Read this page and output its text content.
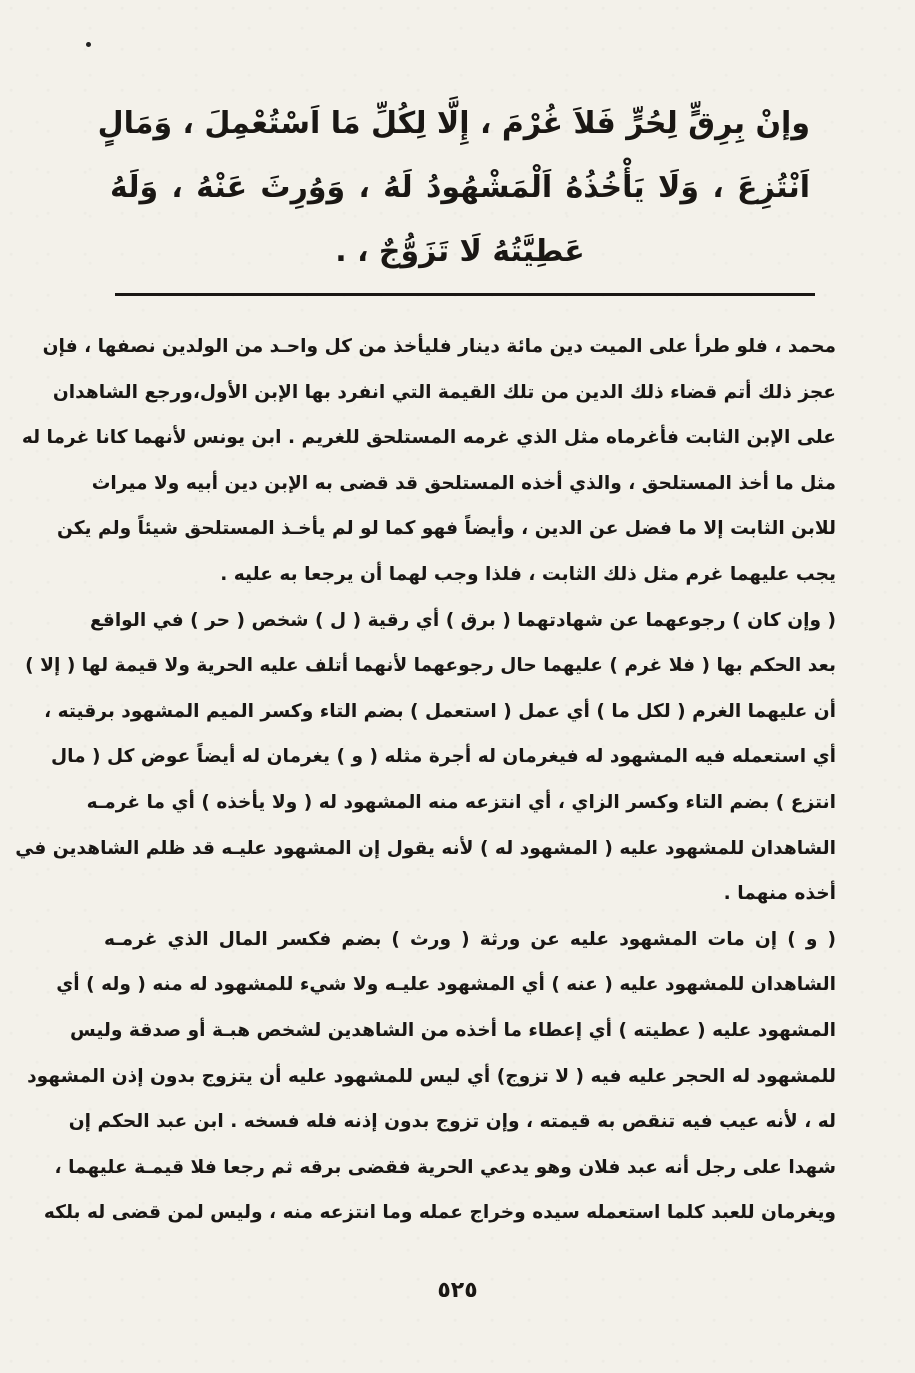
وإنْ بِرِقٍّ لِحُرٍّ فَلاَ غُرْمَ ، إِلَّا لِكُلِّ مَا اَسْتُعْمِلَ ، وَمَالٍ
اَنْتُزِعَ ، وَلَا يَأْخُذُهُ اَلْمَشْهُودُ لَهُ ، وَوُرِثَ عَنْهُ ، وَلَهُ
عَطِيَّتُهُ لَا تَزَوُّجٌ ، .

محمد ، فلو طرأ على الميت دين مائة دينار فليأخذ من كل واحـد من الولدين نصفها ، فإن
عجز ذلك أتم قضاء ذلك الدين من تلك القيمة التي انفرد بها الإبن الأول،ورجع الشاهدان
على الإبن الثابت فأغرماه مثل الذي غرمه المستلحق للغريم . ابن يونس لأنهما كانا غرما له
مثل ما أخذ المستلحق ، والذي أخذه المستلحق قد قضى به الإبن دين أبيه ولا ميراث
للابن الثابت إلا ما فضل عن الدين ، وأيضاً فهو كما لو لم يأخـذ المستلحق شيئاً ولم يكن
يجب عليهما غرم مثل ذلك الثابت ، فلذا وجب لهما أن يرجعا به عليه .

( وإن كان ) رجوعهما عن شهادتهما ( برق ) أي رقية ( ل ) شخص ( حر ) في الواقع
بعد الحكم بها ( فلا غرم ) عليهما حال رجوعهما لأنهما أتلف عليه الحرية ولا قيمة لها ( إلا )
أن عليهما الغرم ( لكل ما ) أي عمل ( استعمل ) بضم التاء وكسر الميم المشهود برقيته ،
أي استعمله فيه المشهود له فيغرمان له أجرة مثله ( و ) يغرمان له أيضاً عوض كل ( مال
انتزع ) بضم التاء وكسر الزاي ، أي انتزعه منه المشهود له ( ولا يأخذه ) أي ما غرمـه
الشاهدان للمشهود عليه ( المشهود له ) لأنه يقول إن المشهود عليـه قد ظلم الشاهدين في
أخذه منهما .

( و ) إن مات المشهود عليه عن ورثة ( ورث ) بضم فكسر المال الذي غرمـه
الشاهدان للمشهود عليه ( عنه ) أي المشهود عليـه ولا شيء للمشهود له منه ( وله ) أي
المشهود عليه ( عطيته ) أي إعطاء ما أخذه من الشاهدين لشخص هبـة أو صدقة وليس
للمشهود له الحجر عليه فيه ( لا تزوج) أي ليس للمشهود عليه أن يتزوج بدون إذن المشهود
له ، لأنه عيب فيه تنقص به قيمته ، وإن تزوج بدون إذنه فله فسخه . ابن عبد الحكم إن
شهدا على رجل أنه عبد فلان وهو يدعي الحرية فقضى برقه ثم رجعا فلا قيمـة عليهما ،
ويغرمان للعبد كلما استعمله سيده وخراج عمله وما انتزعه منه ، وليس لمن قضى له بلكه

٥٢٥
